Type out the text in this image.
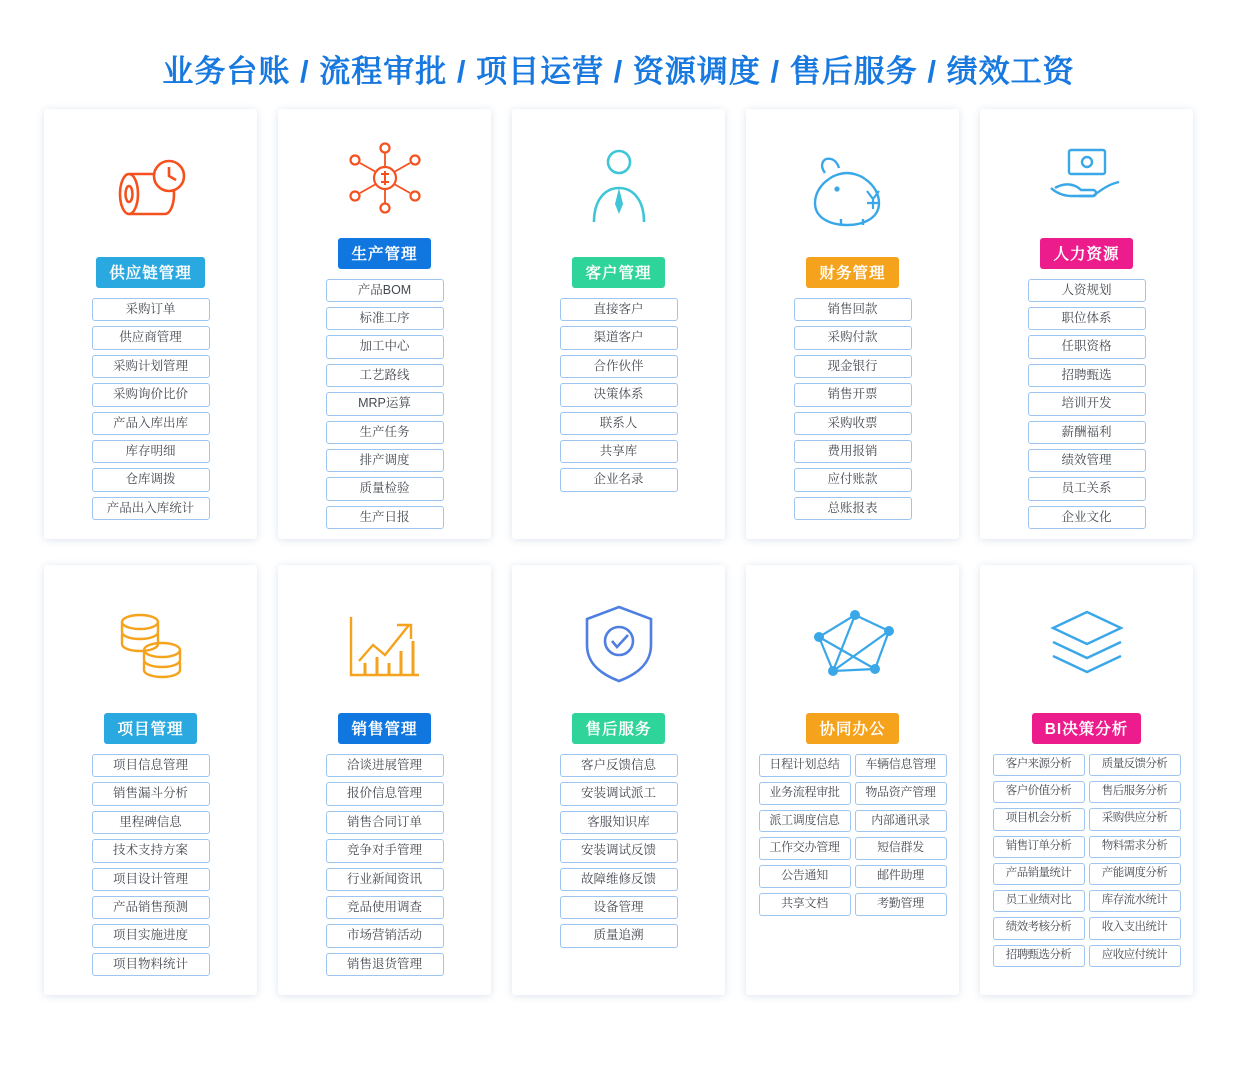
业务台账 / 流程审批 / 项目运营 / 资源调度 / 售后服务 / 绩效工资
供应链管理
采购订单
供应商管理
采购计划管理
采购询价比价
产品入库出库
库存明细
仓库调拨
产品出入库统计
生产管理
产品BOM
标准工序
加工中心
工艺路线
MRP运算
生产任务
排产调度
质量检验
生产日报
客户管理
直接客户
渠道客户
合作伙伴
决策体系
联系人
共享库
企业名录
财务管理
销售回款
采购付款
现金银行
销售开票
采购收票
费用报销
应付账款
总账报表
人力资源
人资规划
职位体系
任职资格
招聘甄选
培训开发
薪酬福利
绩效管理
员工关系
企业文化
项目管理
项目信息管理
销售漏斗分析
里程碑信息
技术支持方案
项目设计管理
产品销售预测
项目实施进度
项目物料统计
销售管理
洽谈进展管理
报价信息管理
销售合同订单
竞争对手管理
行业新闻资讯
竞品使用调查
市场营销活动
销售退货管理
售后服务
客户反馈信息
安装调试派工
客服知识库
安装调试反馈
故障维修反馈
设备管理
质量追溯
协同办公
日程计划总结	车辆信息管理
业务流程审批	物品资产管理
派工调度信息	内部通讯录
工作交办管理	短信群发
公告通知	邮件助理
共享文档	考勤管理
BI决策分析
客户来源分析	质量反馈分析
客户价值分析	售后服务分析
项目机会分析	采购供应分析
销售订单分析	物料需求分析
产品销量统计	产能调度分析
员工业绩对比	库存流水统计
绩效考核分析	收入支出统计
招聘甄选分析	应收应付统计
